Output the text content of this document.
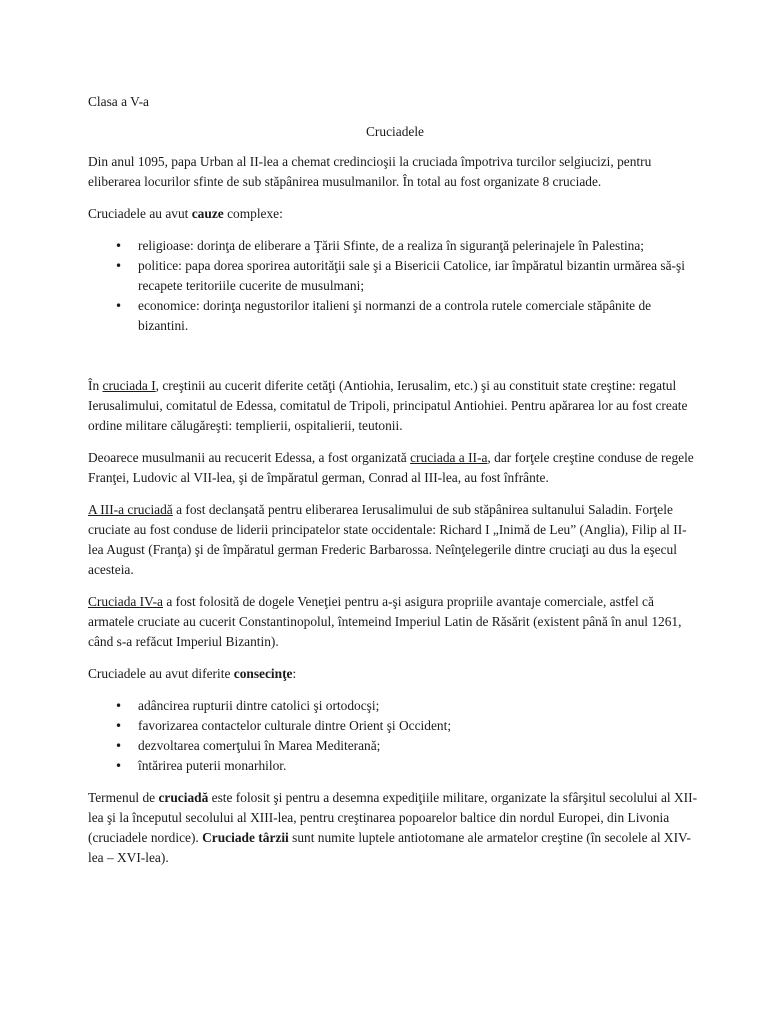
Clasa a V-a

Cruciadele

Din anul 1095, papa Urban al II-lea a chemat credincioşii la cruciada împotriva turcilor selgiucizi, pentru eliberarea locurilor sfinte de sub stăpânirea musulmanilor. În total au fost organizate 8 cruciade.

Cruciadele au avut cauze complexe:

• religioase: dorinţa de eliberare a Ţării Sfinte, de a realiza în siguranţă pelerinajele în Palestina;
• politice: papa dorea sporirea autorităţii sale şi a Bisericii Catolice, iar împăratul bizantin urmărea să-şi recapete teritoriile cucerite de musulmani;
• economice: dorinţa negustorilor italieni şi normanzi de a controla rutele comerciale stăpânite de bizantini.

În cruciada I, creştinii au cucerit diferite cetăţi (Antiohia, Ierusalim, etc.) şi au constituit state creştine: regatul Ierusalimului, comitatul de Edessa, comitatul de Tripoli, principatul Antiohiei. Pentru apărarea lor au fost create ordine militare călugăreşti: templierii, ospitalierii, teutonii.

Deoarece musulmanii au recucerit Edessa, a fost organizată cruciada a II-a, dar forţele creştine conduse de regele Franţei, Ludovic al VII-lea, şi de împăratul german, Conrad al III-lea, au fost înfrânte.

A III-a cruciadă a fost declanşată pentru eliberarea Ierusalimului de sub stăpânirea sultanului Saladin. Forţele cruciate au fost conduse de liderii principatelor state occidentale: Richard I „Inimă de Leu” (Anglia), Filip al II-lea August (Franţa) şi de împăratul german Frederic Barbarossa. Neînţelegerile dintre cruciaţi au dus la eşecul acesteia.

Cruciada IV-a a fost folosită de dogele Veneţiei pentru a-şi asigura propriile avantaje comerciale, astfel că armatele cruciate au cucerit Constantinopolul, întemeind Imperiul Latin de Răsărit (existent până în anul 1261, când s-a refăcut Imperiul Bizantin).

Cruciadele au avut diferite consecinţe:

• adâncirea rupturii dintre catolici şi ortodocşi;
• favorizarea contactelor culturale dintre Orient şi Occident;
• dezvoltarea comerţului în Marea Mediterană;
• întărirea puterii monarhilor.

Termenul de cruciadă este folosit şi pentru a desemna expediţiile militare, organizate la sfârşitul secolului al XII-lea şi la începutul secolului al XIII-lea, pentru creştinarea popoarelor baltice din nordul Europei, din Livonia (cruciadele nordice). Cruciade târzii sunt numite luptele antiotomane ale armatelor creştine (în secolele al XIV-lea – XVI-lea).
